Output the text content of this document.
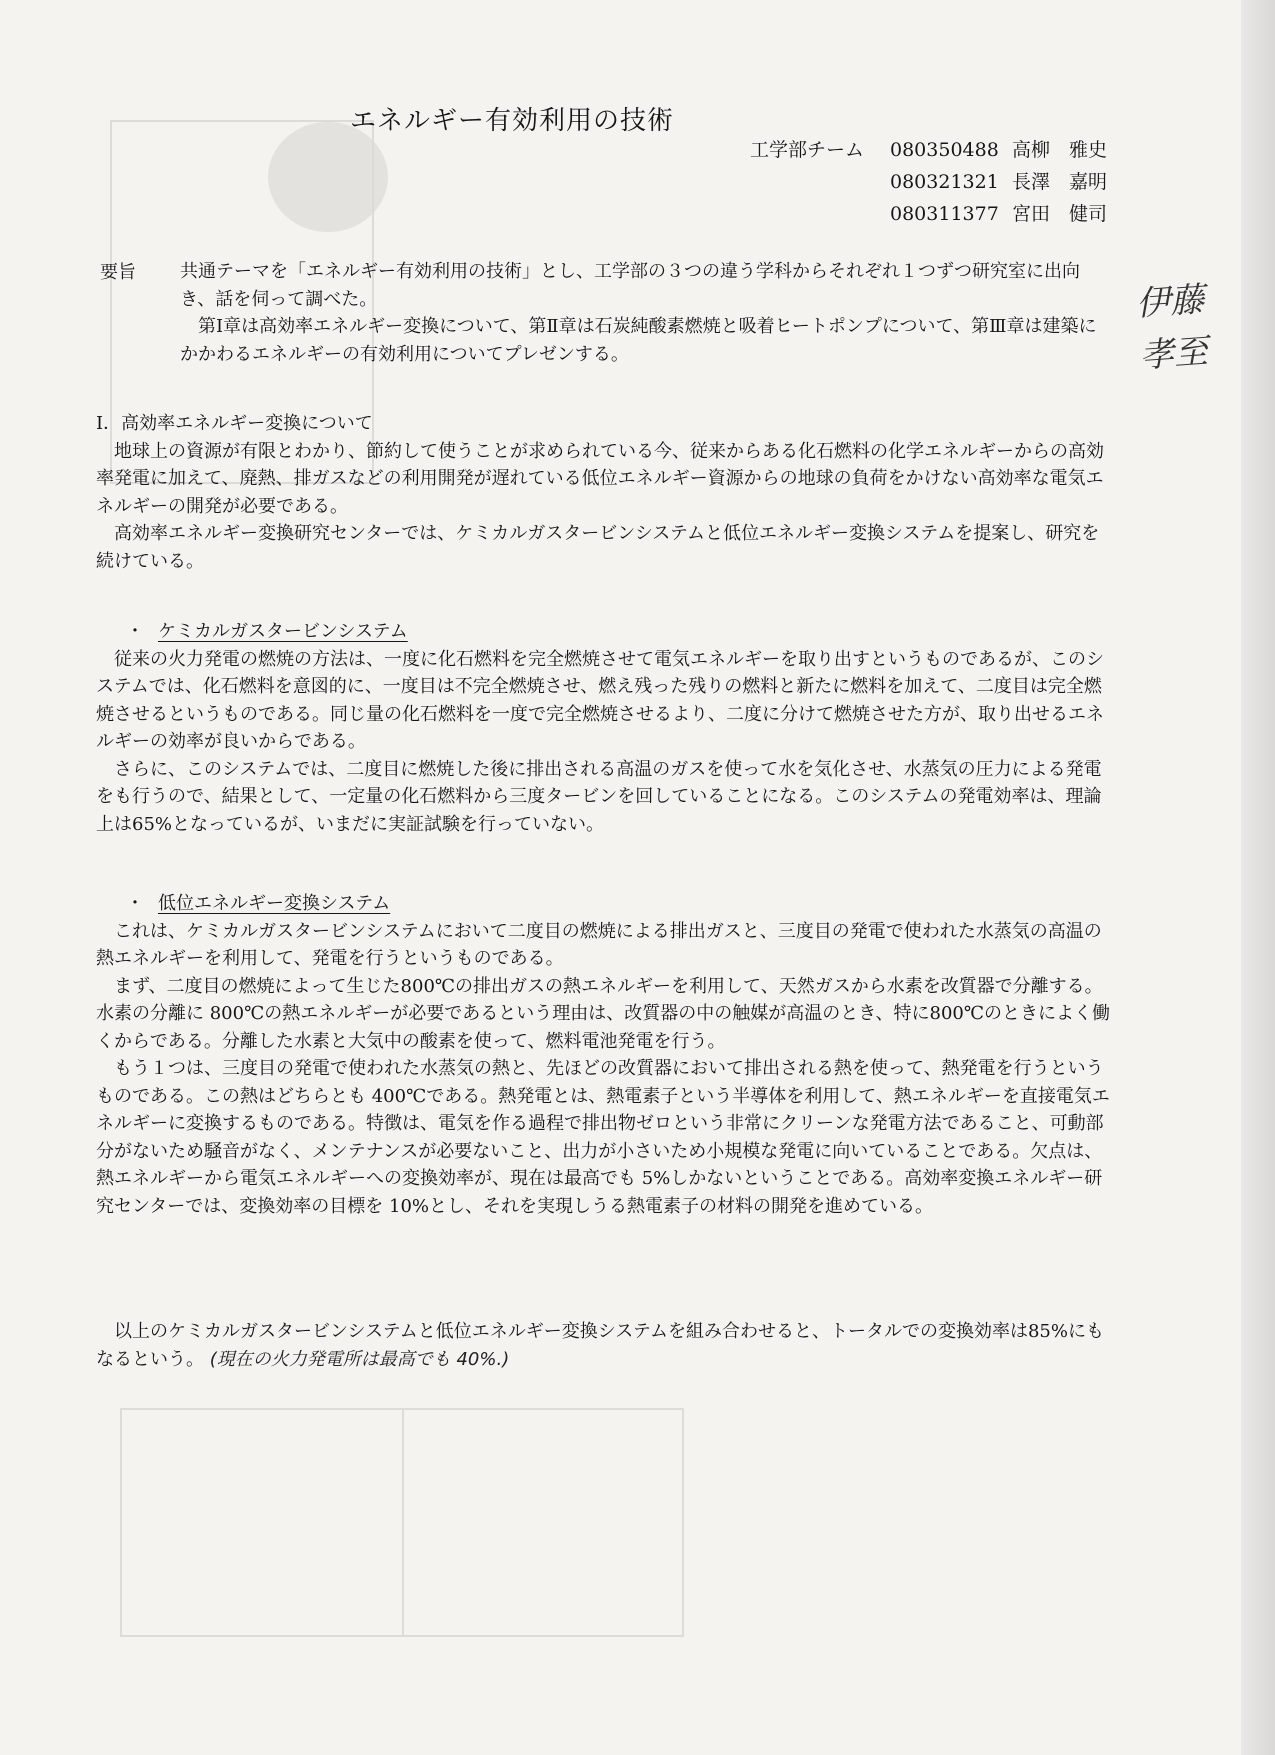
エネルギー有効利用の技術
工学部チーム	080350488 高柳　雅史
080321321 長澤　嘉明
080311377 宮田　健司
要旨 共通テーマを「エネルギー有効利用の技術」とし、工学部の３つの違う学科からそれぞれ１つずつ研究室に出向き、話を伺って調べた。

第Ⅰ章は高効率エネルギー変換について、第Ⅱ章は石炭純酸素燃焼と吸着ヒートポンプについて、第Ⅲ章は建築にかかわるエネルギーの有効利用についてプレゼンする。

伊藤
孝至

Ⅰ．高効率エネルギー変換について

地球上の資源が有限とわかり、節約して使うことが求められている今、従来からある化石燃料の化学エネルギーからの高効率発電に加えて、廃熱、排ガスなどの利用開発が遅れている低位エネルギー資源からの地球の負荷をかけない高効率な電気エネルギーの開発が必要である。

高効率エネルギー変換研究センターでは、ケミカルガスタービンシステムと低位エネルギー変換システムを提案し、研究を続けている。

・ ケミカルガスタービンシステム

従来の火力発電の燃焼の方法は、一度に化石燃料を完全燃焼させて電気エネルギーを取り出すというものであるが、このシステムでは、化石燃料を意図的に、一度目は不完全燃焼させ、燃え残った残りの燃料と新たに燃料を加えて、二度目は完全燃焼させるというものである。同じ量の化石燃料を一度で完全燃焼させるより、二度に分けて燃焼させた方が、取り出せるエネルギーの効率が良いからである。

さらに、このシステムでは、二度目に燃焼した後に排出される高温のガスを使って水を気化させ、水蒸気の圧力による発電をも行うので、結果として、一定量の化石燃料から三度タービンを回していることになる。このシステムの発電効率は、理論上は65%となっているが、いまだに実証試験を行っていない。

・ 低位エネルギー変換システム

これは、ケミカルガスタービンシステムにおいて二度目の燃焼による排出ガスと、三度目の発電で使われた水蒸気の高温の熱エネルギーを利用して、発電を行うというものである。

まず、二度目の燃焼によって生じた800℃の排出ガスの熱エネルギーを利用して、天然ガスから水素を改質器で分離する。水素の分離に 800℃の熱エネルギーが必要であるという理由は、改質器の中の触媒が高温のとき、特に800℃のときによく働くからである。分離した水素と大気中の酸素を使って、燃料電池発電を行う。

もう１つは、三度目の発電で使われた水蒸気の熱と、先ほどの改質器において排出される熱を使って、熱発電を行うというものである。この熱はどちらとも 400℃である。熱発電とは、熱電素子という半導体を利用して、熱エネルギーを直接電気エネルギーに変換するものである。特徴は、電気を作る過程で排出物ゼロという非常にクリーンな発電方法であること、可動部分がないため騒音がなく、メンテナンスが必要ないこと、出力が小さいため小規模な発電に向いていることである。欠点は、熱エネルギーから電気エネルギーへの変換効率が、現在は最高でも 5%しかないということである。高効率変換エネルギー研究センターでは、変換効率の目標を 10%とし、それを実現しうる熱電素子の材料の開発を進めている。

以上のケミカルガスタービンシステムと低位エネルギー変換システムを組み合わせると、トータルでの変換効率は85%にもなるという。 (現在の火力発電所は最高でも 40%.)
